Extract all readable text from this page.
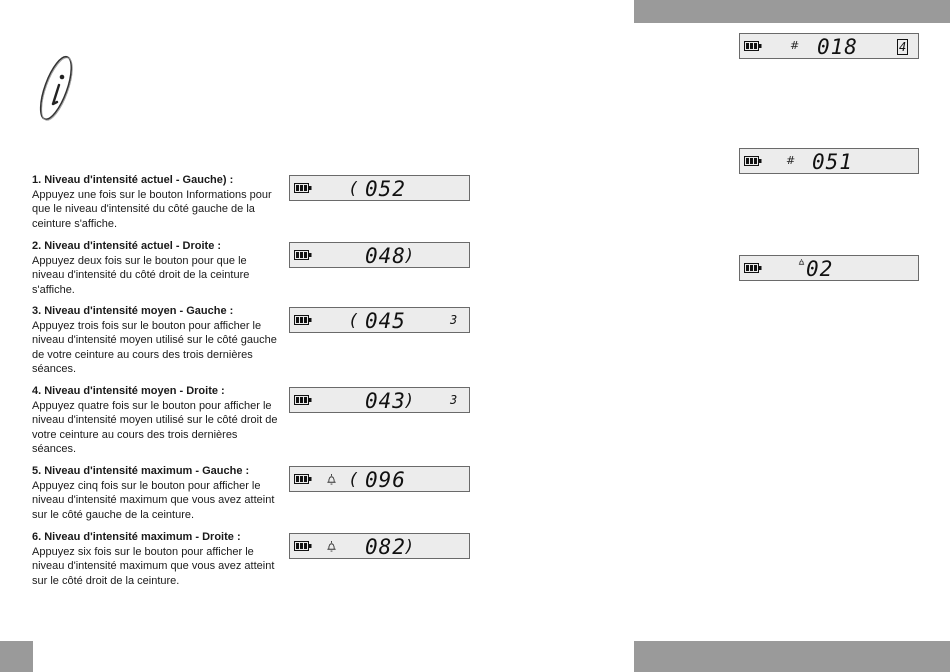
1. Niveau d'intensité actuel - Gauche) :
Appuyez une fois sur le bouton Informations pour que le niveau d'intensité du côté gauche de la ceinture s'affiche.
2. Niveau d'intensité actuel - Droite :
Appuyez deux fois sur le bouton pour que le niveau d'intensité du côté droit de la ceinture s'affiche.
3. Niveau d'intensité moyen - Gauche :
Appuyez trois fois sur le bouton pour afficher le niveau d'intensité moyen utilisé sur le côté gauche de votre ceinture au cours des trois dernières séances.
4. Niveau d'intensité moyen - Droite :
Appuyez quatre fois sur le bouton pour afficher le niveau d'intensité moyen utilisé sur le côté droit de votre ceinture au cours des trois dernières séances.
5. Niveau d'intensité maximum - Gauche :
Appuyez cinq fois sur le bouton pour afficher le niveau d'intensité maximum que vous avez atteint sur le côté gauche de la ceinture.
6. Niveau d'intensité maximum - Droite :
Appuyez six fois sur le bouton pour afficher le niveau d'intensité maximum que vous avez atteint sur le côté droit de la ceinture.
( 052
048 )
( 045	3
043 )	3
( 096
082 )
# 018	4
# 051
02
